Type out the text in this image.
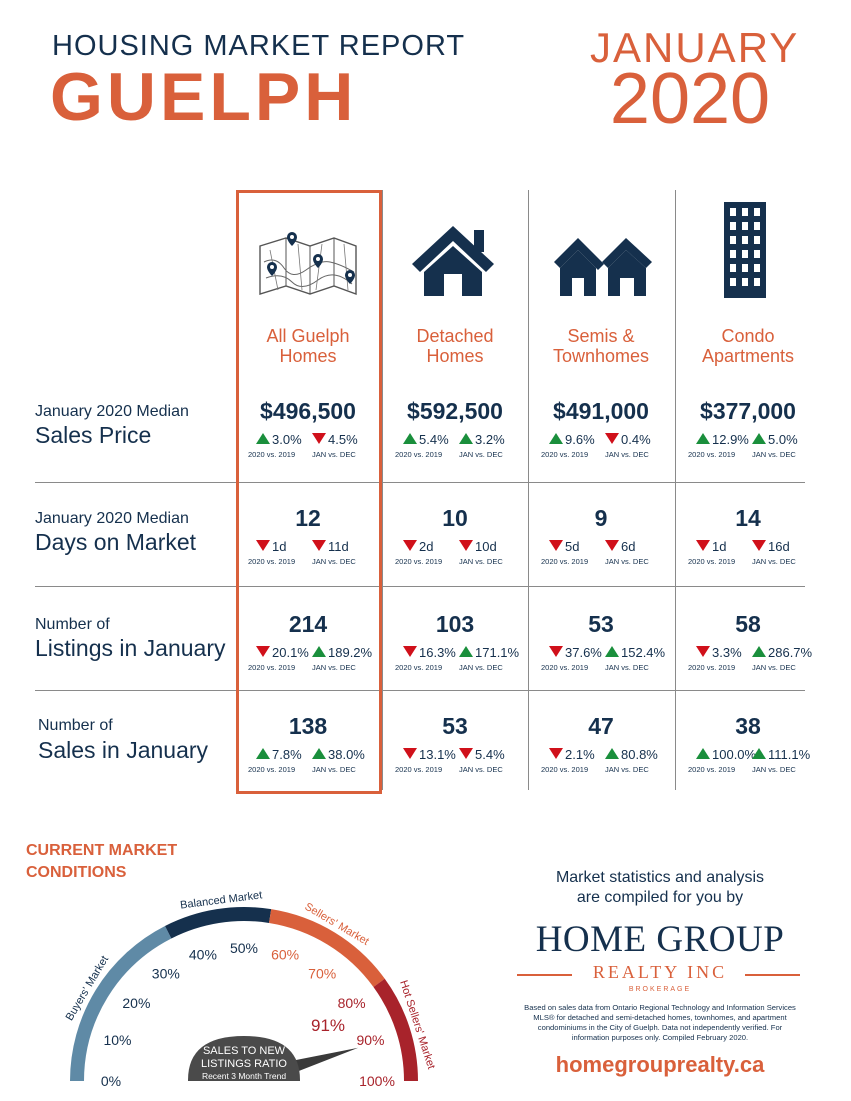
HOUSING MARKET REPORT
GUELPH
JANUARY
2020
All Guelph
Homes
Detached
Homes
Semis &
Townhomes
Condo
Apartments
January 2020 Median
Sales Price
January 2020 Median
Days on Market
Number of
Listings in January
Number of
Sales in January
$496,500
3.0%
2020 vs. 2019
4.5%
JAN vs. DEC
$592,500
5.4%
2020 vs. 2019
3.2%
JAN vs. DEC
$491,000
9.6%
2020 vs. 2019
0.4%
JAN vs. DEC
$377,000
12.9%
2020 vs. 2019
5.0%
JAN vs. DEC
12
1d
2020 vs. 2019
11d
JAN vs. DEC
10
2d
2020 vs. 2019
10d
JAN vs. DEC
9
5d
2020 vs. 2019
6d
JAN vs. DEC
14
1d
2020 vs. 2019
16d
JAN vs. DEC
214
20.1%
2020 vs. 2019
189.2%
JAN vs. DEC
103
16.3%
2020 vs. 2019
171.1%
JAN vs. DEC
53
37.6%
2020 vs. 2019
152.4%
JAN vs. DEC
58
3.3%
2020 vs. 2019
286.7%
JAN vs. DEC
138
7.8%
2020 vs. 2019
38.0%
JAN vs. DEC
53
13.1%
2020 vs. 2019
5.4%
JAN vs. DEC
47
2.1%
2020 vs. 2019
80.8%
JAN vs. DEC
38
100.0%
2020 vs. 2019
111.1%
JAN vs. DEC
CURRENT MARKET
CONDITIONS
Buyers' Market
Balanced Market
Sellers' Market
Hot Sellers' Market
0%
10%
20%
30%
40% 50% 60%
70%
80%
90%
100%
SALES TO NEW
LISTINGS RATIO
Recent 3 Month Trend
91%
Market statistics and analysis
are compiled for you by
HOME GROUP
REALTY INC
BROKERAGE
Based on sales data from Ontario Regional Technology and Information Services MLS® for detached and semi-detached homes, townhomes, and apartment condominiums in the City of Guelph. Data not independently verified. For information purposes only. Compiled February 2020.
homegrouprealty.ca
